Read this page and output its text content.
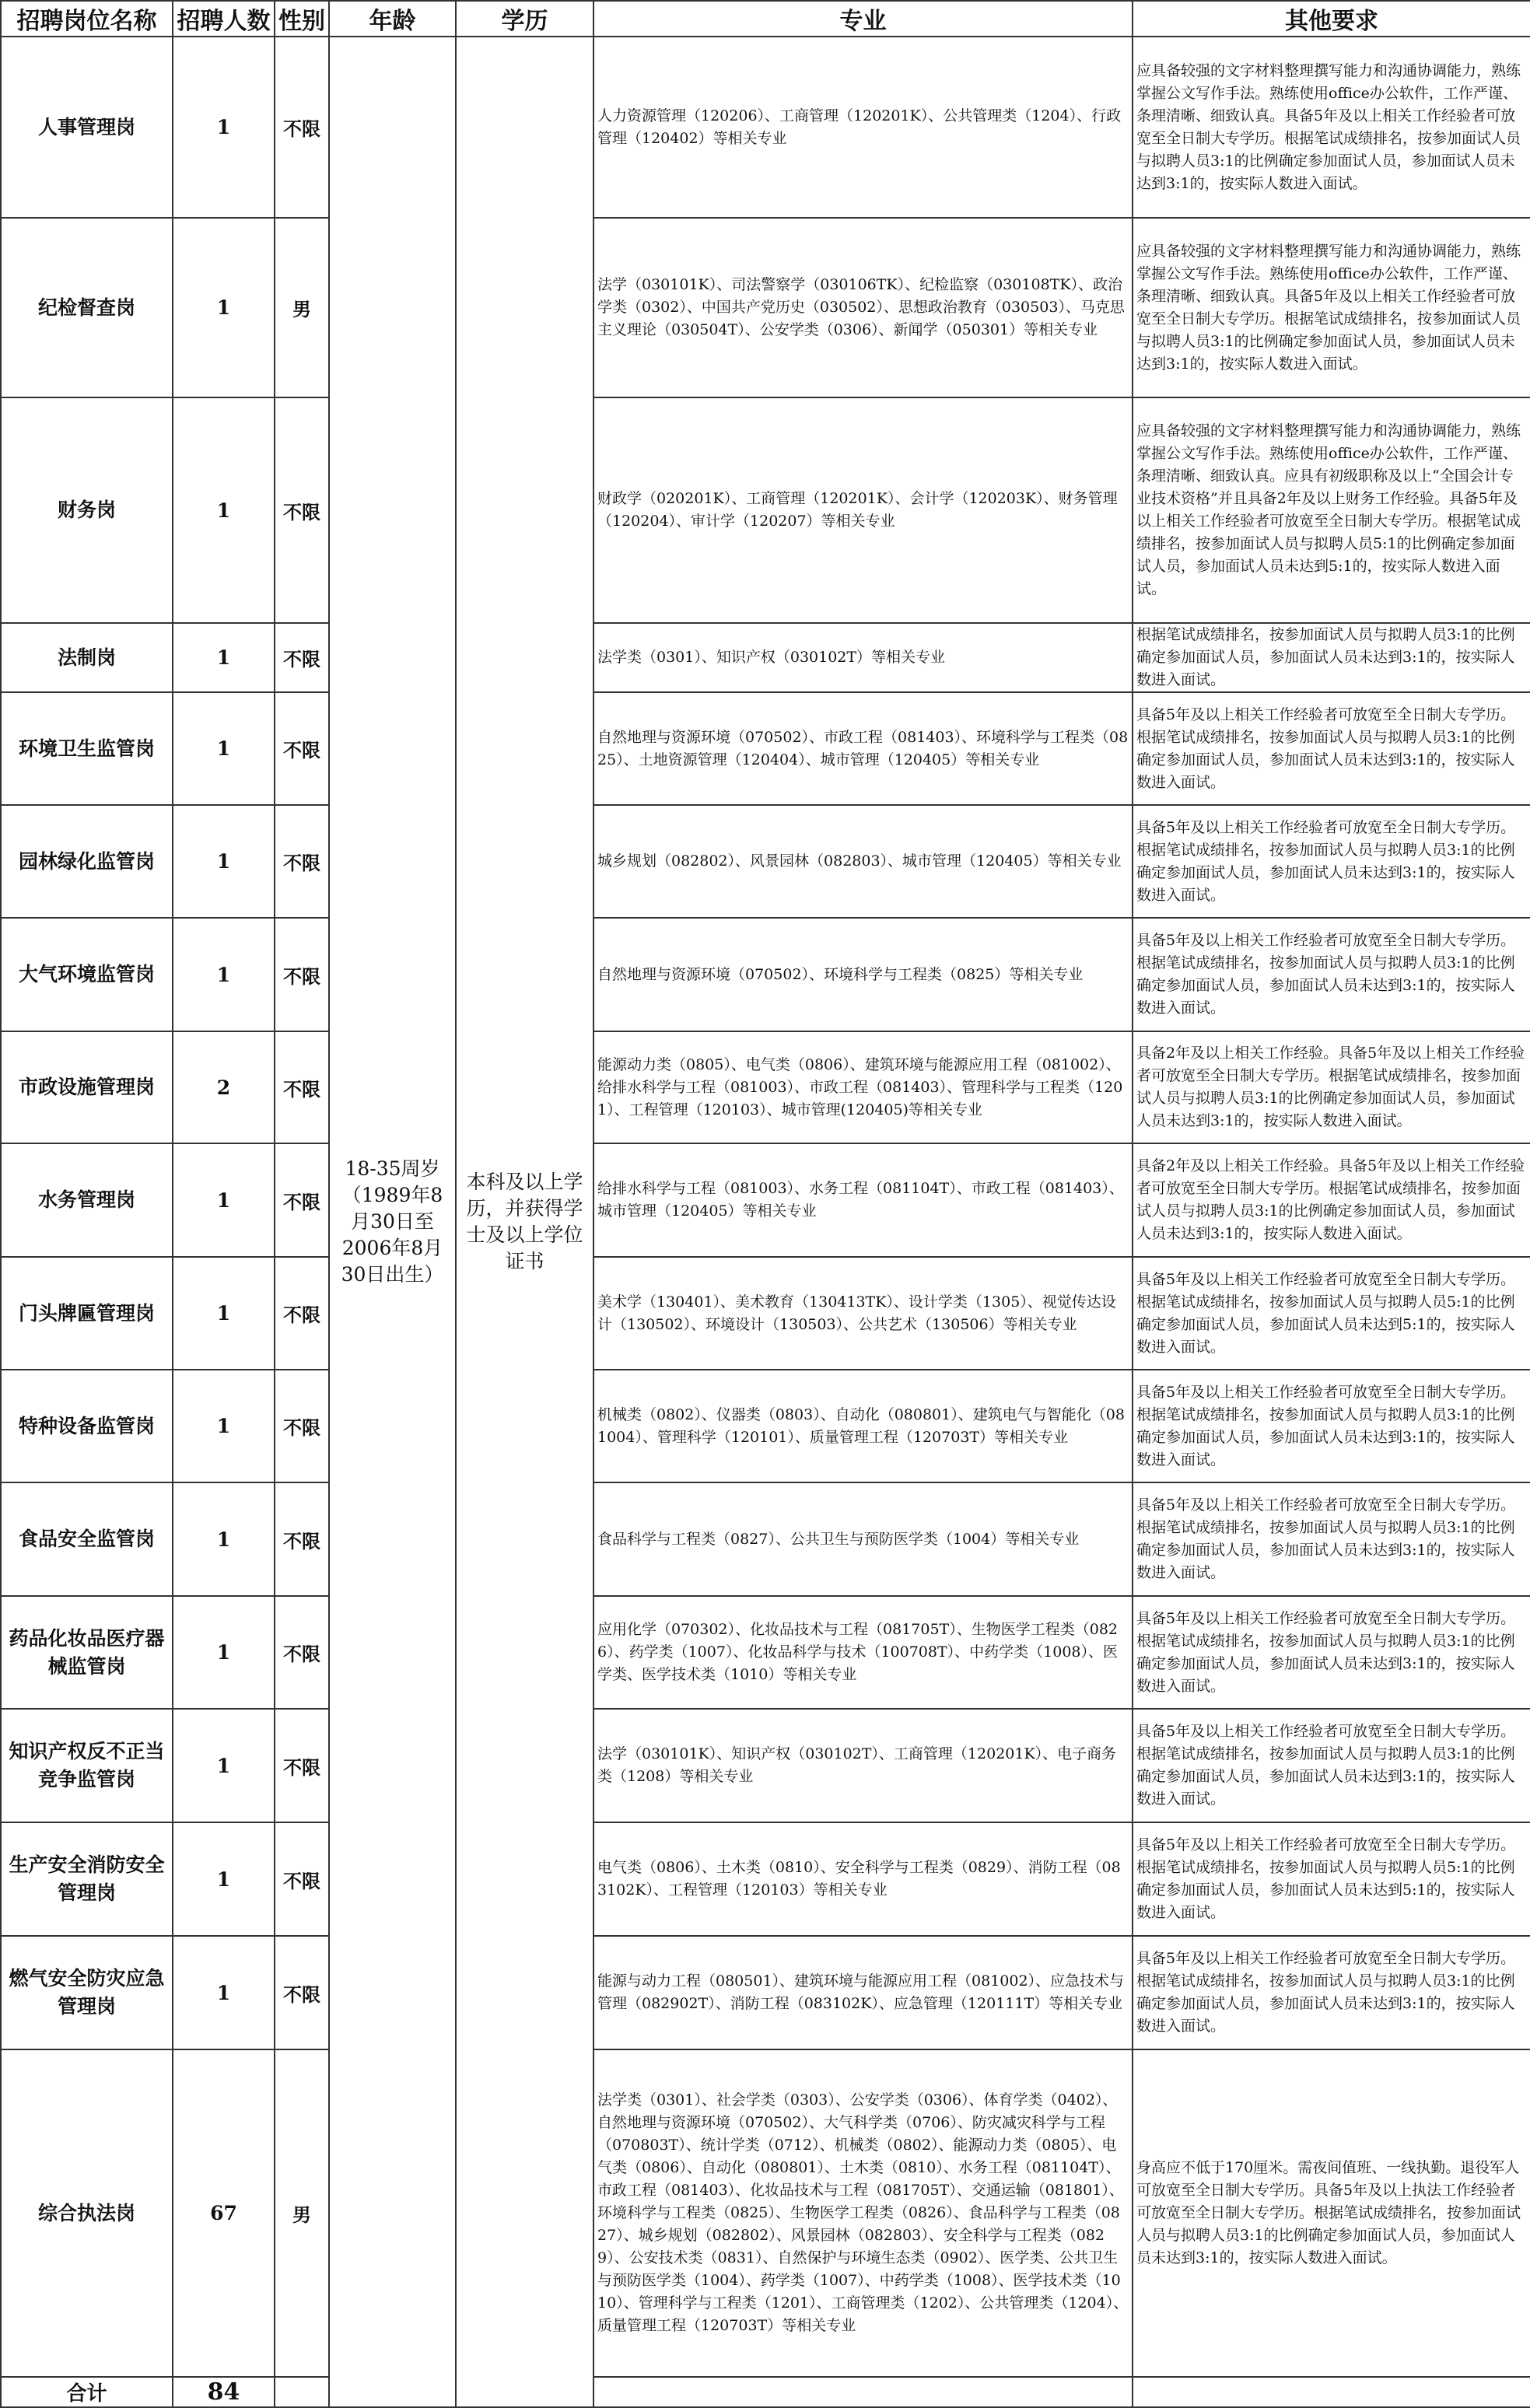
招聘岗位名称	招聘人数	性别	年龄	学历	专业	其他要求
人事管理岗	1	不限	18-35周岁（1989年8月30日至2006年8月30日出生）	本科及以上学历，并获得学士及以上学位证书	人力资源管理（120206）、工商管理（120201K）、公共管理类（1204）、行政管理（120402）等相关专业	应具备较强的文字材料整理撰写能力和沟通协调能力，熟练掌握公文写作手法。熟练使用office办公软件，工作严谨、条理清晰、细致认真。具备5年及以上相关工作经验者可放宽至全日制大专学历。根据笔试成绩排名，按参加面试人员与拟聘人员3:1的比例确定参加面试人员，参加面试人员未达到3:1的，按实际人数进入面试。
纪检督查岗	1	男			法学（030101K）、司法警察学（030106TK）、纪检监察（030108TK）、政治学类（0302）、中国共产党历史（030502）、思想政治教育（030503）、马克思主义理论（030504T）、公安学类（0306）、新闻学（050301）等相关专业	应具备较强的文字材料整理撰写能力和沟通协调能力，熟练掌握公文写作手法。熟练使用office办公软件，工作严谨、条理清晰、细致认真。具备5年及以上相关工作经验者可放宽至全日制大专学历。根据笔试成绩排名，按参加面试人员与拟聘人员3:1的比例确定参加面试人员，参加面试人员未达到3:1的，按实际人数进入面试。
财务岗	1	不限			财政学（020201K）、工商管理（120201K）、会计学（120203K）、财务管理（120204）、审计学（120207）等相关专业	应具备较强的文字材料整理撰写能力和沟通协调能力，熟练掌握公文写作手法。熟练使用office办公软件，工作严谨、条理清晰、细致认真。应具有初级职称及以上“全国会计专业技术资格”并且具备2年及以上财务工作经验。具备5年及以上相关工作经验者可放宽至全日制大专学历。根据笔试成绩排名，按参加面试人员与拟聘人员5:1的比例确定参加面试人员，参加面试人员未达到5:1的，按实际人数进入面试。
法制岗	1	不限			法学类（0301）、知识产权（030102T）等相关专业	根据笔试成绩排名，按参加面试人员与拟聘人员3:1的比例确定参加面试人员，参加面试人员未达到3:1的，按实际人数进入面试。
环境卫生监管岗	1	不限			自然地理与资源环境（070502）、市政工程（081403）、环境科学与工程类（0825）、土地资源管理（120404）、城市管理（120405）等相关专业	具备5年及以上相关工作经验者可放宽至全日制大专学历。根据笔试成绩排名，按参加面试人员与拟聘人员3:1的比例确定参加面试人员，参加面试人员未达到3:1的，按实际人数进入面试。
园林绿化监管岗	1	不限			城乡规划（082802）、风景园林（082803）、城市管理（120405）等相关专业	具备5年及以上相关工作经验者可放宽至全日制大专学历。根据笔试成绩排名，按参加面试人员与拟聘人员3:1的比例确定参加面试人员，参加面试人员未达到3:1的，按实际人数进入面试。
大气环境监管岗	1	不限			自然地理与资源环境（070502）、环境科学与工程类（0825）等相关专业	具备5年及以上相关工作经验者可放宽至全日制大专学历。根据笔试成绩排名，按参加面试人员与拟聘人员3:1的比例确定参加面试人员，参加面试人员未达到3:1的，按实际人数进入面试。
市政设施管理岗	2	不限			能源动力类（0805）、电气类（0806）、建筑环境与能源应用工程（081002）、给排水科学与工程（081003）、市政工程（081403）、管理科学与工程类（1201）、工程管理（120103）、城市管理(120405)等相关专业	具备2年及以上相关工作经验。具备5年及以上相关工作经验者可放宽至全日制大专学历。根据笔试成绩排名，按参加面试人员与拟聘人员3:1的比例确定参加面试人员，参加面试人员未达到3:1的，按实际人数进入面试。
水务管理岗	1	不限			给排水科学与工程（081003）、水务工程（081104T）、市政工程（081403）、城市管理（120405）等相关专业	具备2年及以上相关工作经验。具备5年及以上相关工作经验者可放宽至全日制大专学历。根据笔试成绩排名，按参加面试人员与拟聘人员3:1的比例确定参加面试人员，参加面试人员未达到3:1的，按实际人数进入面试。
门头牌匾管理岗	1	不限			美术学（130401）、美术教育（130413TK）、设计学类（1305）、视觉传达设计（130502）、环境设计（130503）、公共艺术（130506）等相关专业	具备5年及以上相关工作经验者可放宽至全日制大专学历。根据笔试成绩排名，按参加面试人员与拟聘人员5:1的比例确定参加面试人员，参加面试人员未达到5:1的，按实际人数进入面试。
特种设备监管岗	1	不限			机械类（0802）、仪器类（0803）、自动化（080801）、建筑电气与智能化（081004）、管理科学（120101）、质量管理工程（120703T）等相关专业	具备5年及以上相关工作经验者可放宽至全日制大专学历。根据笔试成绩排名，按参加面试人员与拟聘人员3:1的比例确定参加面试人员，参加面试人员未达到3:1的，按实际人数进入面试。
食品安全监管岗	1	不限			食品科学与工程类（0827）、公共卫生与预防医学类（1004）等相关专业	具备5年及以上相关工作经验者可放宽至全日制大专学历。根据笔试成绩排名，按参加面试人员与拟聘人员3:1的比例确定参加面试人员，参加面试人员未达到3:1的，按实际人数进入面试。
药品化妆品医疗器械监管岗	1	不限			应用化学（070302）、化妆品技术与工程（081705T）、生物医学工程类（0826）、药学类（1007）、化妆品科学与技术（100708T）、中药学类（1008）、医学类、医学技术类（1010）等相关专业	具备5年及以上相关工作经验者可放宽至全日制大专学历。根据笔试成绩排名，按参加面试人员与拟聘人员3:1的比例确定参加面试人员，参加面试人员未达到3:1的，按实际人数进入面试。
知识产权反不正当竞争监管岗	1	不限			法学（030101K）、知识产权（030102T）、工商管理（120201K）、电子商务类（1208）等相关专业	具备5年及以上相关工作经验者可放宽至全日制大专学历。根据笔试成绩排名，按参加面试人员与拟聘人员3:1的比例确定参加面试人员，参加面试人员未达到3:1的，按实际人数进入面试。
生产安全消防安全管理岗	1	不限			电气类（0806）、土木类（0810）、安全科学与工程类（0829）、消防工程（083102K）、工程管理（120103）等相关专业	具备5年及以上相关工作经验者可放宽至全日制大专学历。根据笔试成绩排名，按参加面试人员与拟聘人员5:1的比例确定参加面试人员，参加面试人员未达到5:1的，按实际人数进入面试。
燃气安全防灾应急管理岗	1	不限			能源与动力工程（080501）、建筑环境与能源应用工程（081002）、应急技术与管理（082902T）、消防工程（083102K）、应急管理（120111T）等相关专业	具备5年及以上相关工作经验者可放宽至全日制大专学历。根据笔试成绩排名，按参加面试人员与拟聘人员3:1的比例确定参加面试人员，参加面试人员未达到3:1的，按实际人数进入面试。
综合执法岗	67	男			法学类（0301）、社会学类（0303）、公安学类（0306）、体育学类（0402）、自然地理与资源环境（070502）、大气科学类（0706）、防灾减灾科学与工程（070803T）、统计学类（0712）、机械类（0802）、能源动力类（0805）、电气类（0806）、自动化（080801）、土木类（0810）、水务工程（081104T）、市政工程（081403）、化妆品技术与工程（081705T）、交通运输（081801）、环境科学与工程类（0825）、生物医学工程类（0826）、食品科学与工程类（0827）、城乡规划（082802）、风景园林（082803）、安全科学与工程类（0829）、公安技术类（0831）、自然保护与环境生态类（0902）、医学类、公共卫生与预防医学类（1004）、药学类（1007）、中药学类（1008）、医学技术类（1010）、管理科学与工程类（1201）、工商管理类（1202）、公共管理类（1204）、质量管理工程（120703T）等相关专业	身高应不低于170厘米。需夜间值班、一线执勤。退役军人可放宽至全日制大专学历。具备5年及以上执法工作经验者可放宽至全日制大专学历。根据笔试成绩排名，按参加面试人员与拟聘人员3:1的比例确定参加面试人员，参加面试人员未达到3:1的，按实际人数进入面试。
合计	84					
